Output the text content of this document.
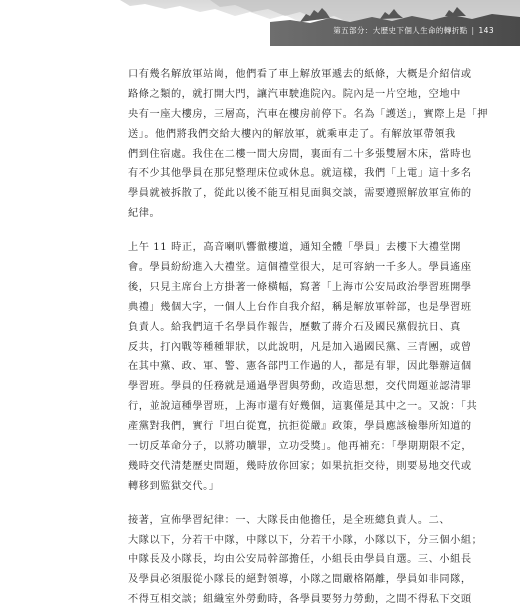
第五部分：大歷史下個人生命的轉折點 | 143
口有幾名解放軍站崗，他們看了車上解放軍遞去的紙條，大概是介紹信或
路條之類的，就打開大門，讓汽車駛進院內。院內是一片空地，空地中
央有一座大樓房，三層高，汽車在樓房前停下。名為「護送」，實際上是「押
送」。他們將我們交給大樓內的解放軍，就乘車走了。有解放軍帶領我
們到住宿處。我住在二樓一間大房間，裏面有二十多張雙層木床，當時也
有不少其他學員在那兒整理床位或休息。就這樣，我們「上電」這十多名
學員就被拆散了，從此以後不能互相見面與交談，需要遵照解放軍宣佈的
紀律。
上午 11 時正，高音喇叭響徹樓道，通知全體「學員」去樓下大禮堂開
會。學員紛紛進入大禮堂。這個禮堂很大，足可容納一千多人。學員遙座
後，只見主席台上方掛著一條橫幅，寫著「上海市公安局政治學習班開學
典禮」幾個大字，一個人上台作自我介紹，稱是解放軍幹部，也是學習班
負責人。給我們這千名學員作報告，歷數了蔣介石及國民黨假抗日、真
反共，打內戰等種種罪狀，以此說明，凡是加入過國民黨、三青團，或曾
在其中黨、政、軍、警、憲各部門工作過的人，都是有罪，因此舉辦這個
學習班。學員的任務就是通過學習與勞動，改造思想，交代問題並認清罪
行，並說這種學習班，上海市還有好幾個，這裏僅是其中之一。又說：「共
產黨對我們，實行『坦白從寬，抗拒從嚴』政策，學員應該檢舉所知道的
一切反革命分子，以將功贖罪，立功受獎」。他再補充：「學期期限不定，
幾時交代清楚歷史問題，幾時放你回家；如果抗拒交待，則要易地交代或
轉移到監獄交代。」
接著，宣佈學習紀律：一、大隊長由他擔任，是全班總負責人。二、
大隊以下，分若干中隊，中隊以下，分若干小隊，小隊以下，分三個小組；
中隊長及小隊長，均由公安局幹部擔任，小組長由學員自選。三、小組長
及學員必須服從小隊長的絕對領導，小隊之間嚴格隔離，學員如非同隊，
不得互相交談；組織室外勞動時，各學員要努力勞動，之間不得私下交頭
